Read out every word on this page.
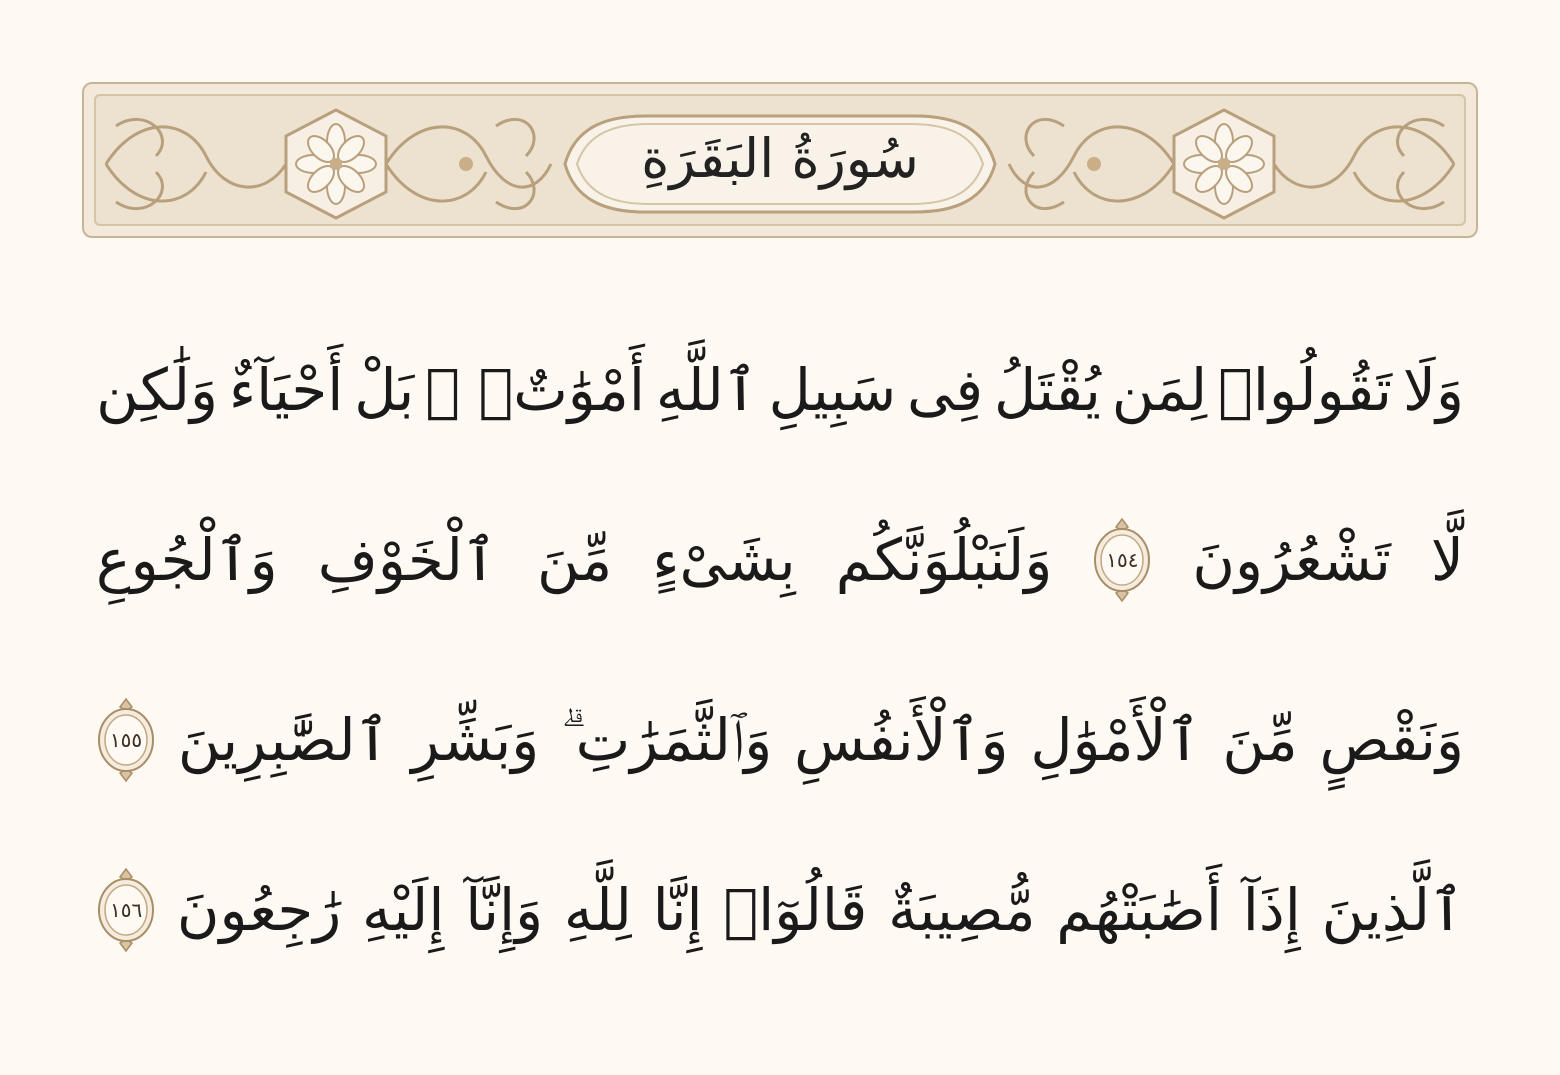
سُورَةُ البَقَرَةِ
وَلَا
تَقُولُوا۟
لِمَن
يُقْتَلُ
فِى
سَبِيلِ
ٱللَّهِ
أَمْوَٰتٌۢ ۚ
بَلْ
أَحْيَآءٌ
وَلَٰكِن
لَّا
تَشْعُرُونَ
١٥٤
وَلَنَبْلُوَنَّكُم
بِشَىْءٍ
مِّنَ
ٱلْخَوْفِ
وَٱلْجُوعِ
وَنَقْصٍ
مِّنَ
ٱلْأَمْوَٰلِ
وَٱلْأَنفُسِ
وَٱلثَّمَرَٰتِ ۗ
وَبَشِّرِ
ٱلصَّٰبِرِينَ
١٥٥
ٱلَّذِينَ
إِذَآ
أَصَٰبَتْهُم
مُّصِيبَةٌ
قَالُوٓا۟
إِنَّا
لِلَّهِ
وَإِنَّآ
إِلَيْهِ
رَٰجِعُونَ
١٥٦
